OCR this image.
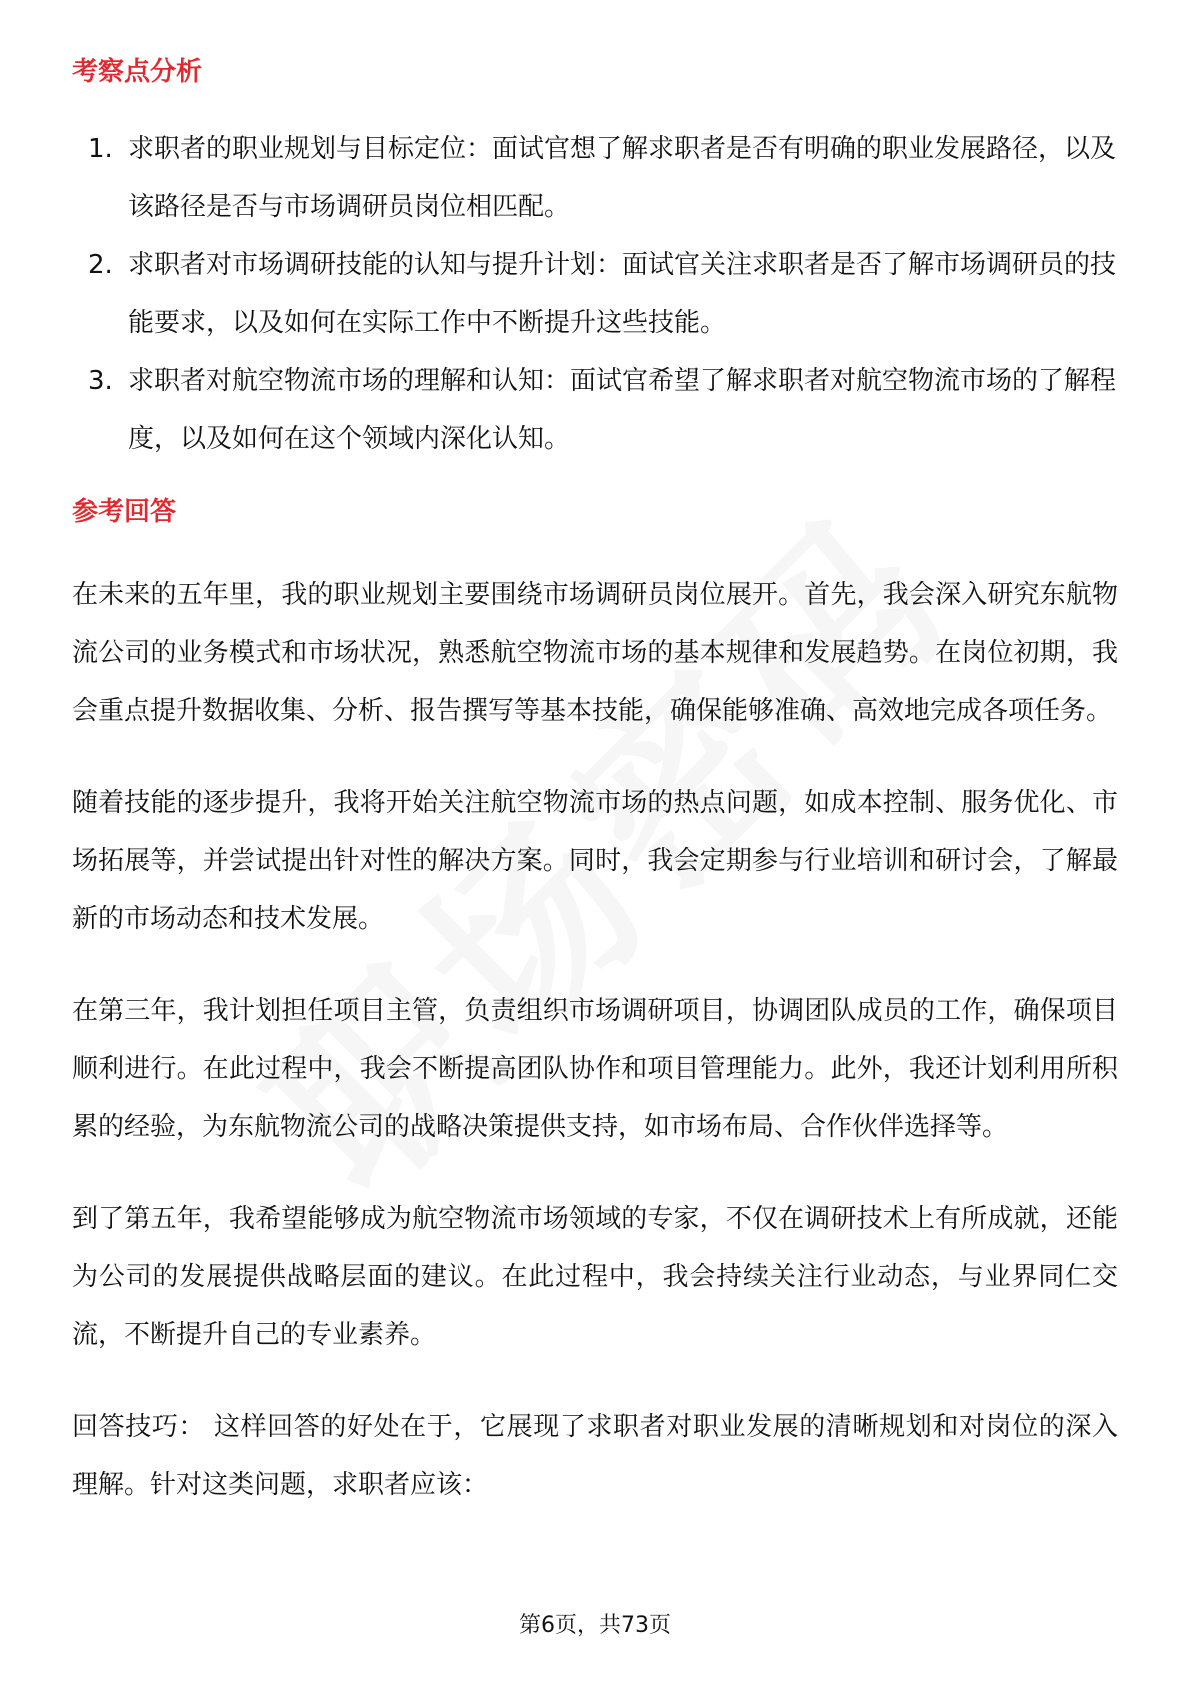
考察点分析
1. 求职者的职业规划与目标定位：面试官想了解求职者是否有明确的职业发展路径，以及该路径是否与市场调研员岗位相匹配。
2. 求职者对市场调研技能的认知与提升计划：面试官关注求职者是否了解市场调研员的技能要求，以及如何在实际工作中不断提升这些技能。
3. 求职者对航空物流市场的理解和认知：面试官希望了解求职者对航空物流市场的了解程度，以及如何在这个领域内深化认知。
参考回答

在未来的五年里，我的职业规划主要围绕市场调研员岗位展开。首先，我会深入研究东航物流公司的业务模式和市场状况，熟悉航空物流市场的基本规律和发展趋势。在岗位初期，我会重点提升数据收集、分析、报告撰写等基本技能，确保能够准确、高效地完成各项任务。

随着技能的逐步提升，我将开始关注航空物流市场的热点问题，如成本控制、服务优化、市场拓展等，并尝试提出针对性的解决方案。同时，我会定期参与行业培训和研讨会，了解最新的市场动态和技术发展。

在第三年，我计划担任项目主管，负责组织市场调研项目，协调团队成员的工作，确保项目顺利进行。在此过程中，我会不断提高团队协作和项目管理能力。此外，我还计划利用所积累的经验，为东航物流公司的战略决策提供支持，如市场布局、合作伙伴选择等。

到了第五年，我希望能够成为航空物流市场领域的专家，不仅在调研技术上有所成就，还能为公司的发展提供战略层面的建议。在此过程中，我会持续关注行业动态，与业界同仁交流，不断提升自己的专业素养。

回答技巧： 这样回答的好处在于，它展现了求职者对职业发展的清晰规划和对岗位的深入理解。针对这类问题，求职者应该：

第6页，共73页
